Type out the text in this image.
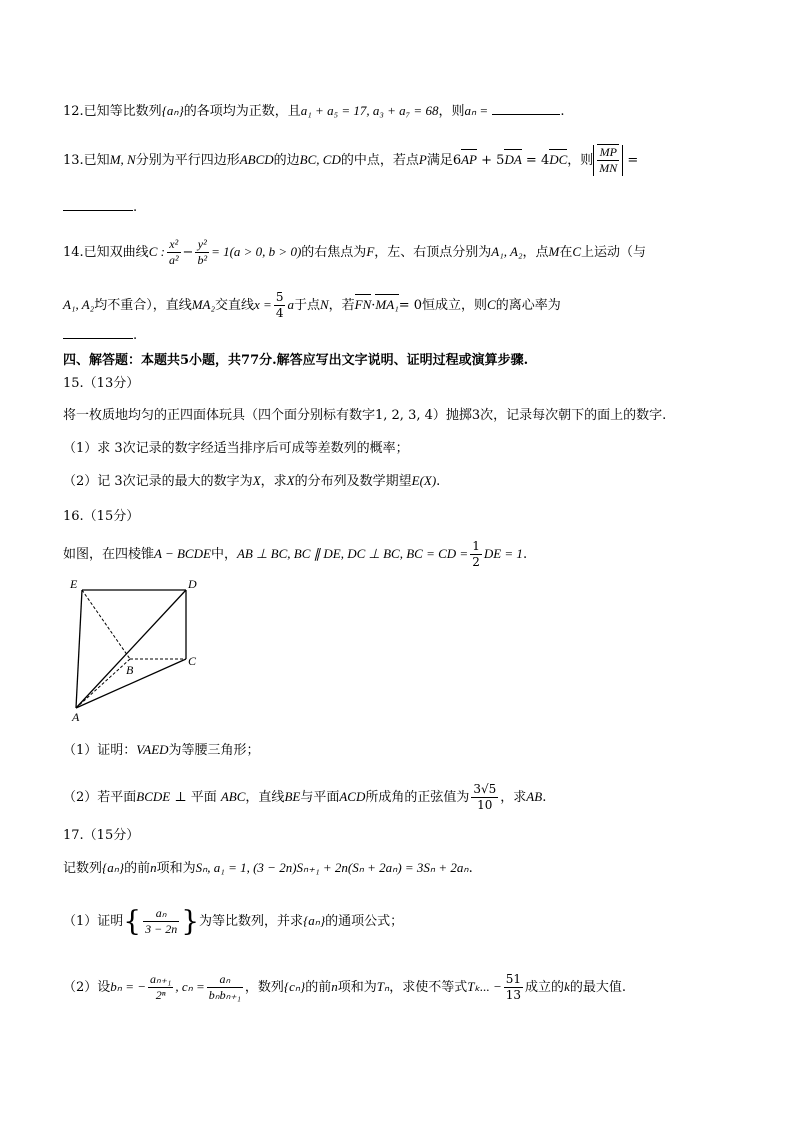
12.已知等比数列{aₙ}的各项均为正数，且a₁ + a₅ = 17, a₃ + a₇ = 68，则aₙ =	.
13.已知M, N分别为平行四边形ABCD的边BC, CD的中点，若点P满足6AP + 5DA = 4DC，则 $\frac{MP}{MN}$ =
.
14.已知双曲线C : $\frac{\text{x²}}{\text{a²}} - \frac{\text{y²}}{\text{b²}} = 1(a > 0$, b > 0)的右焦点为F，左、右顶点分别为A₁, A₂，点M在C上运动（与
A₁, A₂均不重合），直线MA₂交直线$x = \frac{5}{4}$ a于点N，若FN·MA₁= 0恒成立，则C的离心率为
.
四、解答题：本题共5小题，共77分.解答应写出文字说明、证明过程或演算步骤.
15.（13分）
将一枚质地均匀的正四面体玩具（四个面分别标有数字1, 2, 3, 4）抛掷3次，记录每次朝下的面上的数字.
（1）求 3次记录的数字经适当排序后可成等差数列的概率；
（2）记 3次记录的最大的数字为X，求X的分布列及数学期望E(X).
16.（15分）
如图，在四棱锥A − BCDE中，AB ⊥ BC, BC ∥ DE, DC ⊥ BC, BC = CD = $\frac{1}{2}$ DE = 1.
E	D
B
C
A
（1）证明：VAED为等腰三角形；
（2）若平面BCDE ⊥ 平面 ABC，直线BE与平面ACD所成角的正弦值为 $\frac{3√5}{10}$ ，求AB.
17.（15分）
记数列{aₙ}的前n项和为Sₙ, a₁ = 1, (3 − 2n)Sₙ₊₁ + 2n(Sₙ + 2aₙ) = 3Sₙ + 2aₙ.
（1）证明{ $\frac{\text{aₙ}}{3 - 2n}$ }为等比数列，并求{aₙ}的通项公式；
（2）设bₙ = − $\frac{\text{aₙ₊₁}}{\text{2ⁿ}}$ , $c_n = \frac{\text{aₙ}}{\text{bₙbₙ₊₁}}$ ，数列{cₙ}的前n项和为Tₙ，求使不等式Tₖ... − $\frac{51}{13}$ 成立的k的最大值.
